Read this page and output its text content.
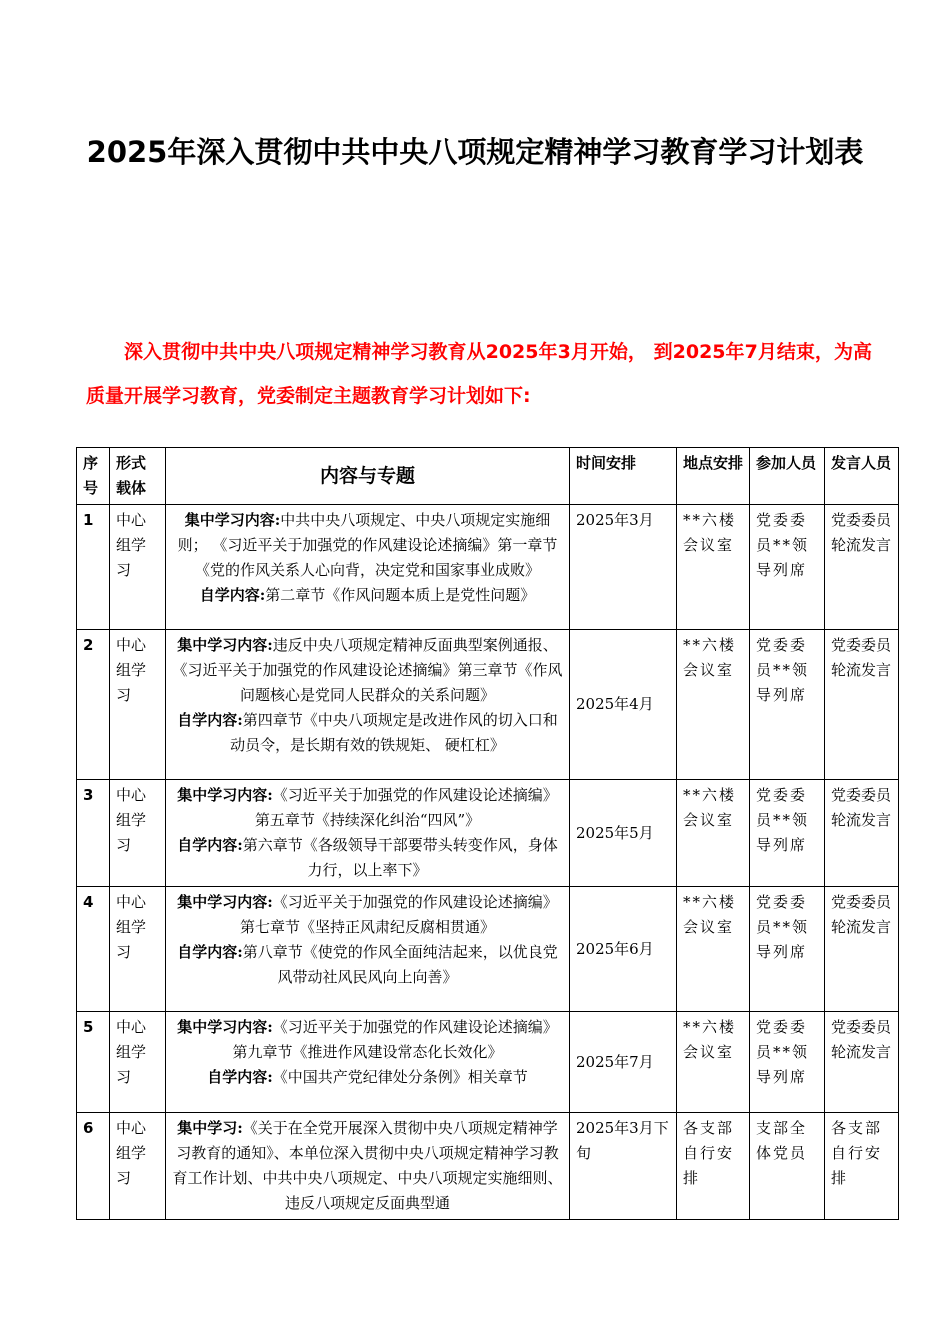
2025年深入贯彻中共中央八项规定精神学习教育学习计划表
深入贯彻中共中央八项规定精神学习教育从2025年3月开始， 到2025年7月结束，为高质量开展学习教育，党委制定主题教育学习计划如下:
序号	形式载体	内容与专题	时间安排	地点安排	参加人员	发言人员
1	中心组学习	集中学习内容:中共中央八项规定、中央八项规定实施细则； 《习近平关于加强党的作风建设论述摘编》第一章节《党的作风关系人心向背，决定党和国家事业成败》
自学内容:第二章节《作风问题本质上是党性问题》	2025年3月	**六楼会议室	党委委员**领导列席	党委委员轮流发言
2	中心组学习	集中学习内容:违反中央八项规定精神反面典型案例通报、 《习近平关于加强党的作风建设论述摘编》第三章节《作风问题核心是党同人民群众的关系问题》
自学内容:第四章节《中央八项规定是改进作风的切入口和动员令，是长期有效的铁规矩、 硬杠杠》	2025年4月	**六楼会议室	党委委员**领导列席	党委委员轮流发言
3	中心组学习	集中学习内容:《习近平关于加强党的作风建设论述摘编》 第五章节《持续深化纠治“四风”》
自学内容:第六章节《各级领导干部要带头转变作风，身体力行，以上率下》	2025年5月	**六楼会议室	党委委员**领导列席	党委委员轮流发言
4	中心组学习	集中学习内容:《习近平关于加强党的作风建设论述摘编》 第七章节《坚持正风肃纪反腐相贯通》
自学内容:第八章节《使党的作风全面纯洁起来，以优良党风带动社风民风向上向善》	2025年6月	**六楼会议室	党委委员**领导列席	党委委员轮流发言
5	中心组学习	集中学习内容:《习近平关于加强党的作风建设论述摘编》 第九章节《推进作风建设常态化长效化》
自学内容:《中国共产党纪律处分条例》相关章节	2025年7月	**六楼会议室	党委委员**领导列席	党委委员轮流发言
6	中心组学习	集中学习:《关于在全党开展深入贯彻中央八项规定精神学习教育的通知》、本单位深入贯彻中央八项规定精神学习教育工作计划、中共中央八项规定、中央八项规定实施细则、 违反八项规定反面典型通	2025年3月下旬	各支部自行安排	支部全体党员	各支部自行安排
